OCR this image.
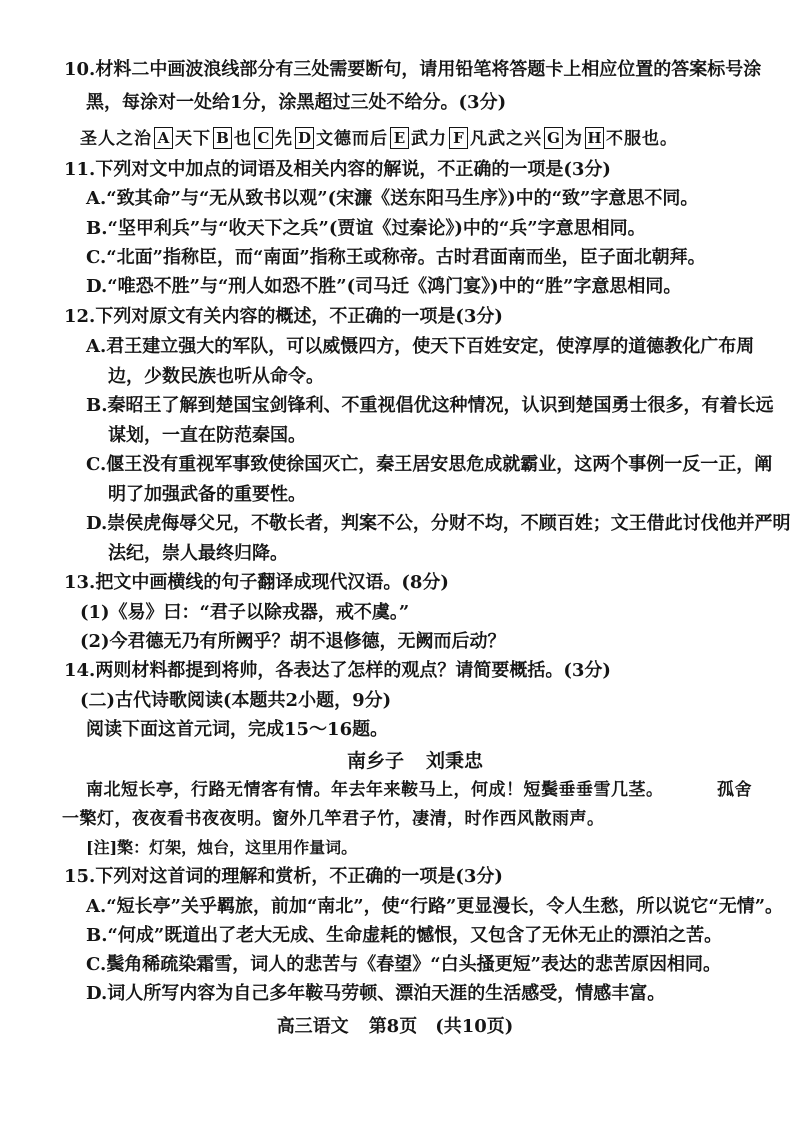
10.材料二中画波浪线部分有三处需要断句，请用铅笔将答题卡上相应位置的答案标号涂
黑，每涂对一处给1分，涂黑超过三处不给分。(3分)
圣人之治 A 天下 B 也 C 先 D 文德而后 E 武力 F 凡武之兴 G 为 H 不服也。
11.下列对文中加点的词语及相关内容的解说，不正确的一项是(3分)
A.“致其命”与“无从致书以观”(宋濂《送东阳马生序》)中的“致”字意思不同。
B.“坚甲利兵”与“收天下之兵”(贾谊《过秦论》)中的“兵”字意思相同。
C.“北面”指称臣，而“南面”指称王或称帝。古时君面南而坐，臣子面北朝拜。
D.“唯恐不胜”与“刑人如恐不胜”(司马迁《鸿门宴》)中的“胜”字意思相同。
12.下列对原文有关内容的概述，不正确的一项是(3分)
A.君王建立强大的军队，可以威慑四方，使天下百姓安定，使淳厚的道德教化广布周
边，少数民族也听从命令。
B.秦昭王了解到楚国宝剑锋利、不重视倡优这种情况，认识到楚国勇士很多，有着长远
谋划，一直在防范秦国。
C.偃王没有重视军事致使徐国灭亡，秦王居安思危成就霸业，这两个事例一反一正，阐
明了加强武备的重要性。
D.崇侯虎侮辱父兄，不敬长者，判案不公，分财不均，不顾百姓；文王借此讨伐他并严明
法纪，崇人最终归降。
13.把文中画横线的句子翻译成现代汉语。(8分)
(1)《易》曰：“君子以除戎器，戒不虞。”
(2)今君德无乃有所阙乎？胡不退修德，无阙而后动？
14.两则材料都提到将帅，各表达了怎样的观点？请简要概括。(3分)
(二)古代诗歌阅读(本题共2小题，9分)
阅读下面这首元词，完成15～16题。
南乡子 刘秉忠
南北短长亭，行路无情客有情。年去年来鞍马上，何成！短鬓垂垂雪几茎。	孤舍
一檠灯，夜夜看书夜夜明。窗外几竿君子竹，凄清，时作西风散雨声。
[注]檠：灯架，烛台，这里用作量词。
15.下列对这首词的理解和赏析，不正确的一项是(3分)
A.“短长亭”关乎羁旅，前加“南北”，使“行路”更显漫长，令人生愁，所以说它“无情”。
B.“何成”既道出了老大无成、生命虚耗的憾恨，又包含了无休无止的漂泊之苦。
C.鬓角稀疏染霜雪，词人的悲苦与《春望》“白头搔更短”表达的悲苦原因相同。
D.词人所写内容为自己多年鞍马劳顿、漂泊天涯的生活感受，情感丰富。
高三语文 第8页 (共10页)
